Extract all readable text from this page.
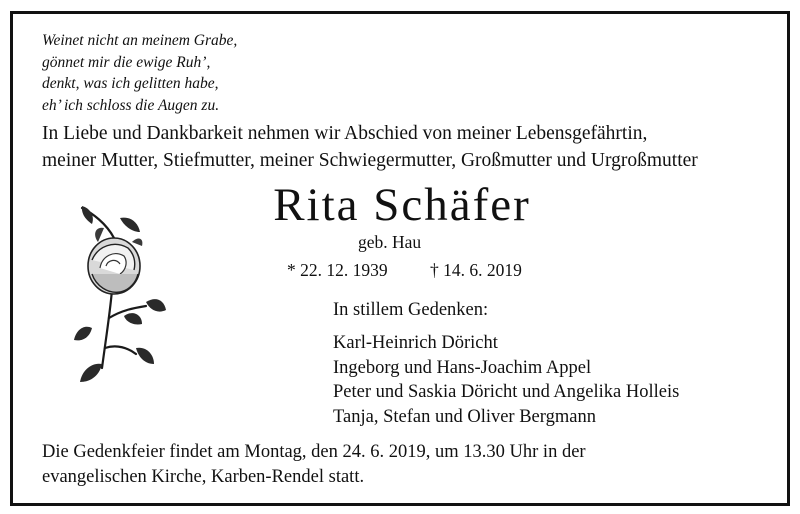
Weinet nicht an meinem Grabe,
gönnet mir die ewige Ruh’,
denkt, was ich gelitten habe,
eh’ ich schloss die Augen zu.
In Liebe und Dankbarkeit nehmen wir Abschied von meiner Lebensgefährtin,
meiner Mutter, Stiefmutter, meiner Schwiegermutter, Großmutter und Urgroßmutter
Rita Schäfer
geb. Hau
* 22. 12. 1939 † 14. 6. 2019
In stillem Gedenken:
Karl-Heinrich Döricht
Ingeborg und Hans-Joachim Appel
Peter und Saskia Döricht und Angelika Holleis
Tanja, Stefan und Oliver Bergmann
Die Gedenkfeier findet am Montag, den 24. 6. 2019, um 13.30 Uhr in der
evangelischen Kirche, Karben-Rendel statt.
